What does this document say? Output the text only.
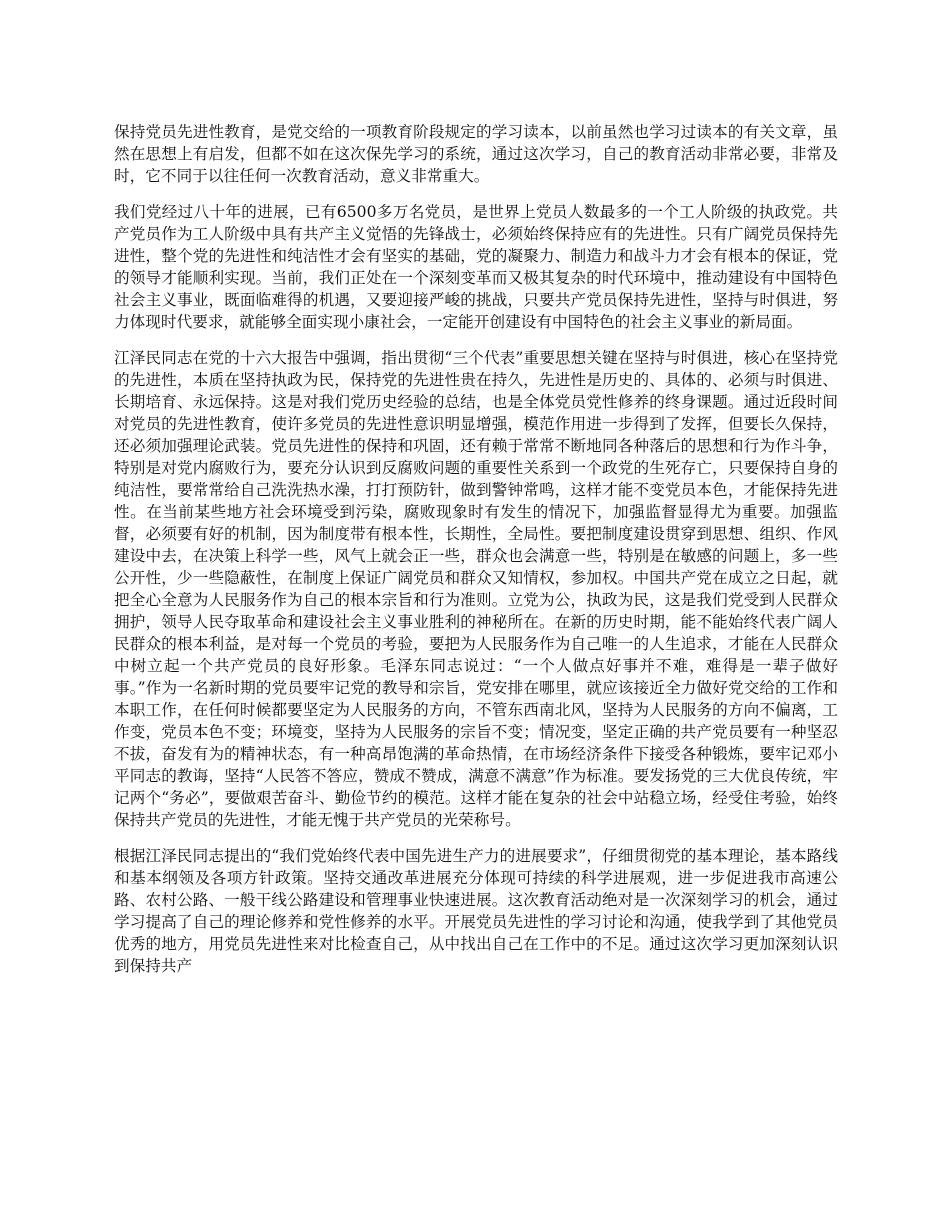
保持党员先进性教育，是党交给的一项教育阶段规定的学习读本，以前虽然也学习过读本的有关文章，虽然在思想上有启发，但都不如在这次保先学习的系统，通过这次学习，自己的教育活动非常必要，非常及时，它不同于以往任何一次教育活动，意义非常重大。

我们党经过八十年的进展，已有6500多万名党员，是世界上党员人数最多的一个工人阶级的执政党。共产党员作为工人阶级中具有共产主义觉悟的先锋战士，必须始终保持应有的先进性。只有广阔党员保持先进性，整个党的先进性和纯洁性才会有坚实的基础，党的凝聚力、制造力和战斗力才会有根本的保证，党的领导才能顺利实现。当前，我们正处在一个深刻变革而又极其复杂的时代环境中，推动建设有中国特色社会主义事业，既面临难得的机遇，又要迎接严峻的挑战，只要共产党员保持先进性，坚持与时俱进，努力体现时代要求，就能够全面实现小康社会，一定能开创建设有中国特色的社会主义事业的新局面。

江泽民同志在党的十六大报告中强调，指出贯彻“三个代表”重要思想关键在坚持与时俱进，核心在坚持党的先进性，本质在坚持执政为民，保持党的先进性贵在持久，先进性是历史的、具体的、必须与时俱进、长期培育、永远保持。这是对我们党历史经验的总结，也是全体党员党性修养的终身课题。通过近段时间对党员的先进性教育，使许多党员的先进性意识明显增强，模范作用进一步得到了发挥，但要长久保持，还必须加强理论武装。党员先进性的保持和巩固，还有赖于常常不断地同各种落后的思想和行为作斗争，特别是对党内腐败行为，要充分认识到反腐败问题的重要性关系到一个政党的生死存亡，只要保持自身的纯洁性，要常常给自己洗洗热水澡，打打预防针，做到警钟常鸣，这样才能不变党员本色，才能保持先进性。在当前某些地方社会环境受到污染，腐败现象时有发生的情况下，加强监督显得尤为重要。加强监督，必须要有好的机制，因为制度带有根本性，长期性，全局性。要把制度建设贯穿到思想、组织、作风建设中去，在决策上科学一些，风气上就会正一些，群众也会满意一些，特别是在敏感的问题上，多一些公开性，少一些隐蔽性，在制度上保证广阔党员和群众又知情权，参加权。中国共产党在成立之日起，就把全心全意为人民服务作为自己的根本宗旨和行为准则。立党为公，执政为民，这是我们党受到人民群众拥护，领导人民夺取革命和建设社会主义事业胜利的神秘所在。在新的历史时期，能不能始终代表广阔人民群众的根本利益，是对每一个党员的考验，要把为人民服务作为自己唯一的人生追求，才能在人民群众中树立起一个共产党员的良好形象。毛泽东同志说过：“一个人做点好事并不难，难得是一辈子做好事。”作为一名新时期的党员要牢记党的教导和宗旨，党安排在哪里，就应该接近全力做好党交给的工作和本职工作，在任何时候都要坚定为人民服务的方向，不管东西南北风，坚持为人民服务的方向不偏离，工作变，党员本色不变；环境变，坚持为人民服务的宗旨不变；情况变，坚定正确的共产党员要有一种坚忍不拔，奋发有为的精神状态，有一种高昂饱满的革命热情，在市场经济条件下接受各种锻炼，要牢记邓小平同志的教诲，坚持“人民答不答应，赞成不赞成，满意不满意”作为标准。要发扬党的三大优良传统，牢记两个“务必”，要做艰苦奋斗、勤俭节约的模范。这样才能在复杂的社会中站稳立场，经受住考验，始终保持共产党员的先进性，才能无愧于共产党员的光荣称号。

根据江泽民同志提出的“我们党始终代表中国先进生产力的进展要求”，仔细贯彻党的基本理论，基本路线和基本纲领及各项方针政策。坚持交通改革进展充分体现可持续的科学进展观，进一步促进我市高速公路、农村公路、一般干线公路建设和管理事业快速进展。这次教育活动绝对是一次深刻学习的机会，通过学习提高了自己的理论修养和党性修养的水平。开展党员先进性的学习讨论和沟通，使我学到了其他党员优秀的地方，用党员先进性来对比检查自己，从中找出自己在工作中的不足。通过这次学习更加深刻认识到保持共产
